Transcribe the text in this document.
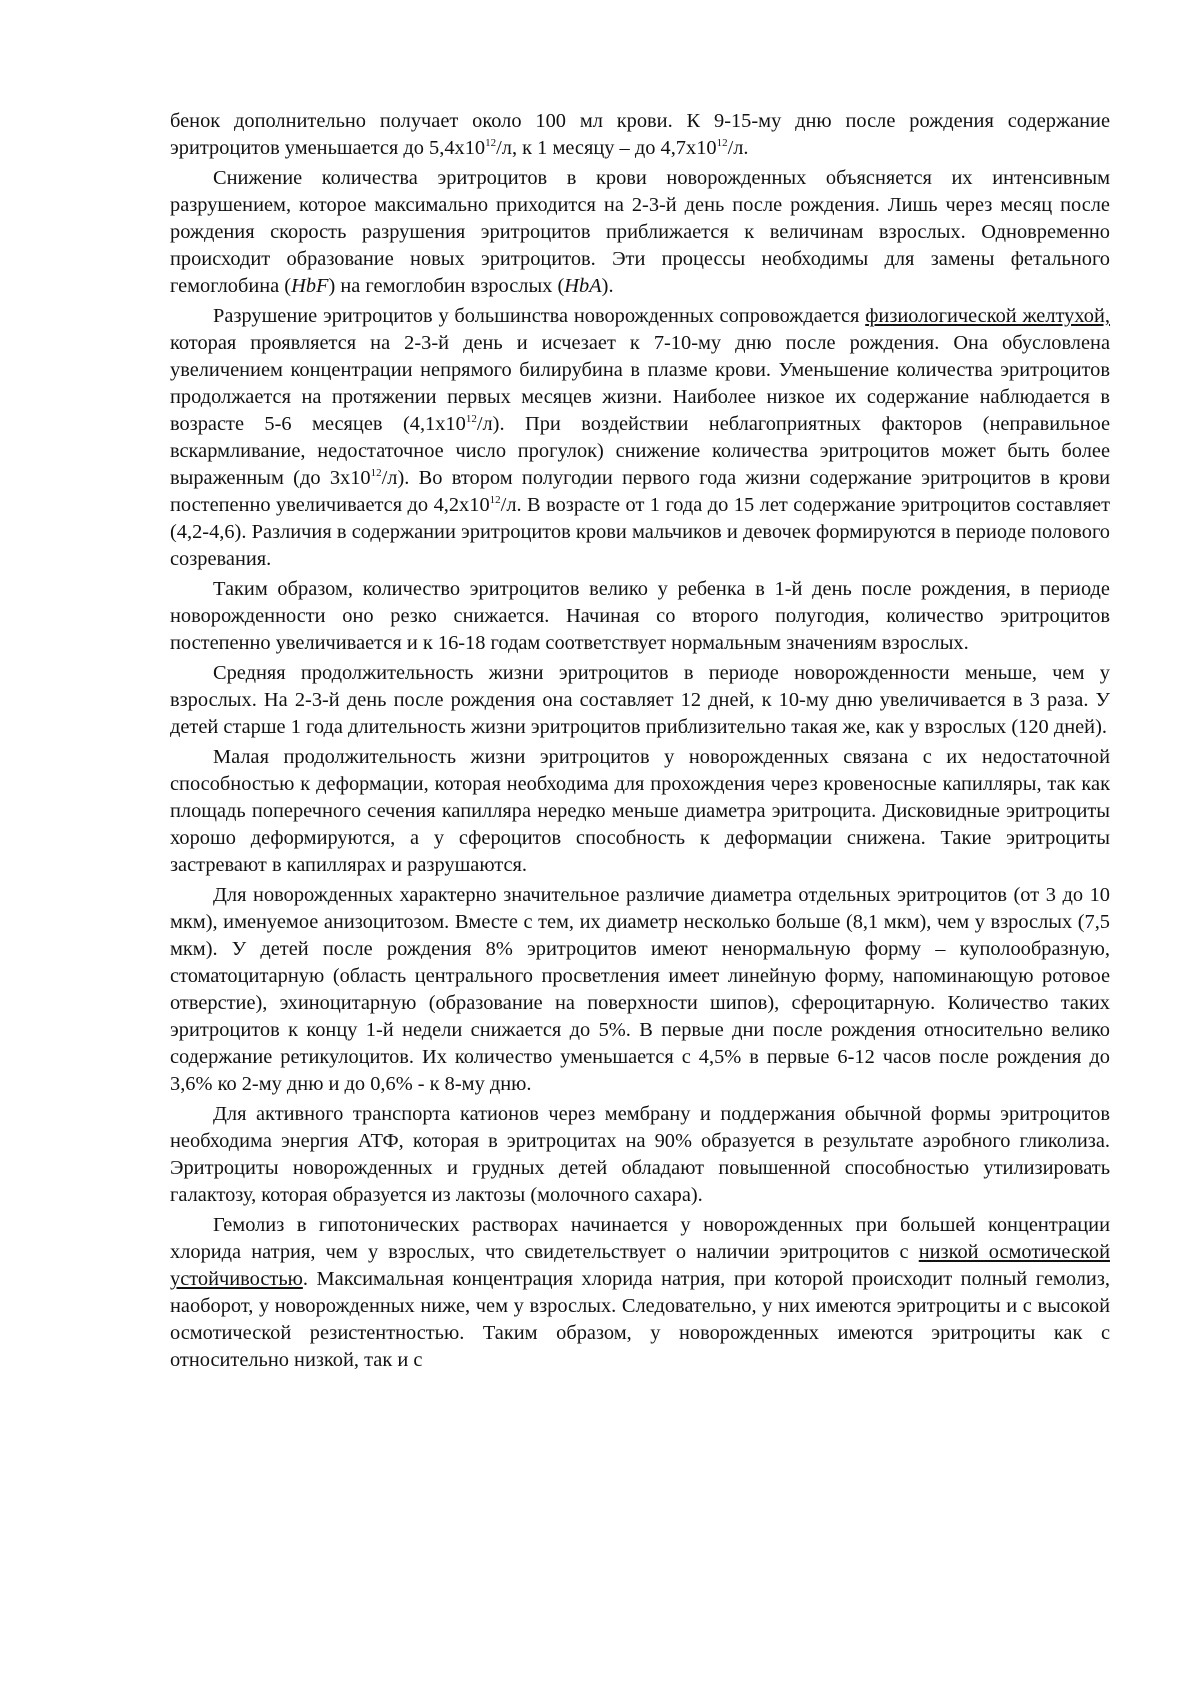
бенок дополнительно получает около 100 мл крови. К 9-15-му дню после рождения содержание эритроцитов уменьшается до $5,4х10^{12}/л$, к 1 месяцу – до $4,7х10^{12}/л$.

Снижение количества эритроцитов в крови новорожденных объясняется их интенсивным разрушением, которое максимально приходится на 2-3-й день после рождения. Лишь через месяц после рождения скорость разрушения эритроцитов приближается к величинам взрослых. Одновременно происходит образование новых эритроцитов. Эти процессы необходимы для замены фетального гемоглобина (HbF) на гемоглобин взрослых (HbA).

Разрушение эритроцитов у большинства новорожденных сопровождается физиологической желтухой, которая проявляется на 2-3-й день и исчезает к 7-10-му дню после рождения. Она обусловлена увеличением концентрации непрямого билирубина в плазме крови. Уменьшение количества эритроцитов продолжается на протяжении первых месяцев жизни. Наиболее низкое их содержание наблюдается в возрасте 5-6 месяцев $(4,1х10^{12}/л)$. При воздействии неблагоприятных факторов (неправильное вскармливание, недостаточное число прогулок) снижение количества эритроцитов может быть более выраженным (до $3х10^{12}/л$). Во втором полугодии первого года жизни содержание эритроцитов в крови постепенно увеличивается до $4,2х10^{12}/л$. В возрасте от 1 года до 15 лет содержание эритроцитов составляет (4,2-4,6). Различия в содержании эритроцитов крови мальчиков и девочек формируются в периоде полового созревания.

Таким образом, количество эритроцитов велико у ребенка в 1-й день после рождения, в периоде новорожденности оно резко снижается. Начиная со второго полугодия, количество эритроцитов постепенно увеличивается и к 16-18 годам соответствует нормальным значениям взрослых.

Средняя продолжительность жизни эритроцитов в периоде новорожденности меньше, чем у взрослых. На 2-3-й день после рождения она составляет 12 дней, к 10-му дню увеличивается в 3 раза. У детей старше 1 года длительность жизни эритроцитов приблизительно такая же, как у взрослых (120 дней).

Малая продолжительность жизни эритроцитов у новорожденных связана с их недостаточной способностью к деформации, которая необходима для прохождения через кровеносные капилляры, так как площадь поперечного сечения капилляра нередко меньше диаметра эритроцита. Дисковидные эритроциты хорошо деформируются, а у сфероцитов способность к деформации снижена. Такие эритроциты застревают в капиллярах и разрушаются.

Для новорожденных характерно значительное различие диаметра отдельных эритроцитов (от 3 до 10 мкм), именуемое анизоцитозом. Вместе с тем, их диаметр несколько больше (8,1 мкм), чем у взрослых (7,5 мкм). У детей после рождения 8% эритроцитов имеют ненормальную форму – куполообразную, стоматоцитарную (область центрального просветления имеет линейную форму, напоминающую ротовое отверстие), эхиноцитарную (образование на поверхности шипов), сфероцитарную. Количество таких эритроцитов к концу 1-й недели снижается до 5%. В первые дни после рождения относительно велико содержание ретикулоцитов. Их количество уменьшается с 4,5% в первые 6-12 часов после рождения до 3,6% ко 2-му дню и до 0,6% - к 8-му дню.

Для активного транспорта катионов через мембрану и поддержания обычной формы эритроцитов необходима энергия АТФ, которая в эритроцитах на 90% образуется в результате аэробного гликолиза. Эритроциты новорожденных и грудных детей обладают повышенной способностью утилизировать галактозу, которая образуется из лактозы (молочного сахара).

Гемолиз в гипотонических растворах начинается у новорожденных при большей концентрации хлорида натрия, чем у взрослых, что свидетельствует о наличии эритроцитов с низкой осмотической устойчивостью. Максимальная концентрация хлорида натрия, при которой происходит полный гемолиз, наоборот, у новорожденных ниже, чем у взрослых. Следовательно, у них имеются эритроциты и с высокой осмотической резистентностью. Таким образом, у новорожденных имеются эритроциты как с относительно низкой, так и с
